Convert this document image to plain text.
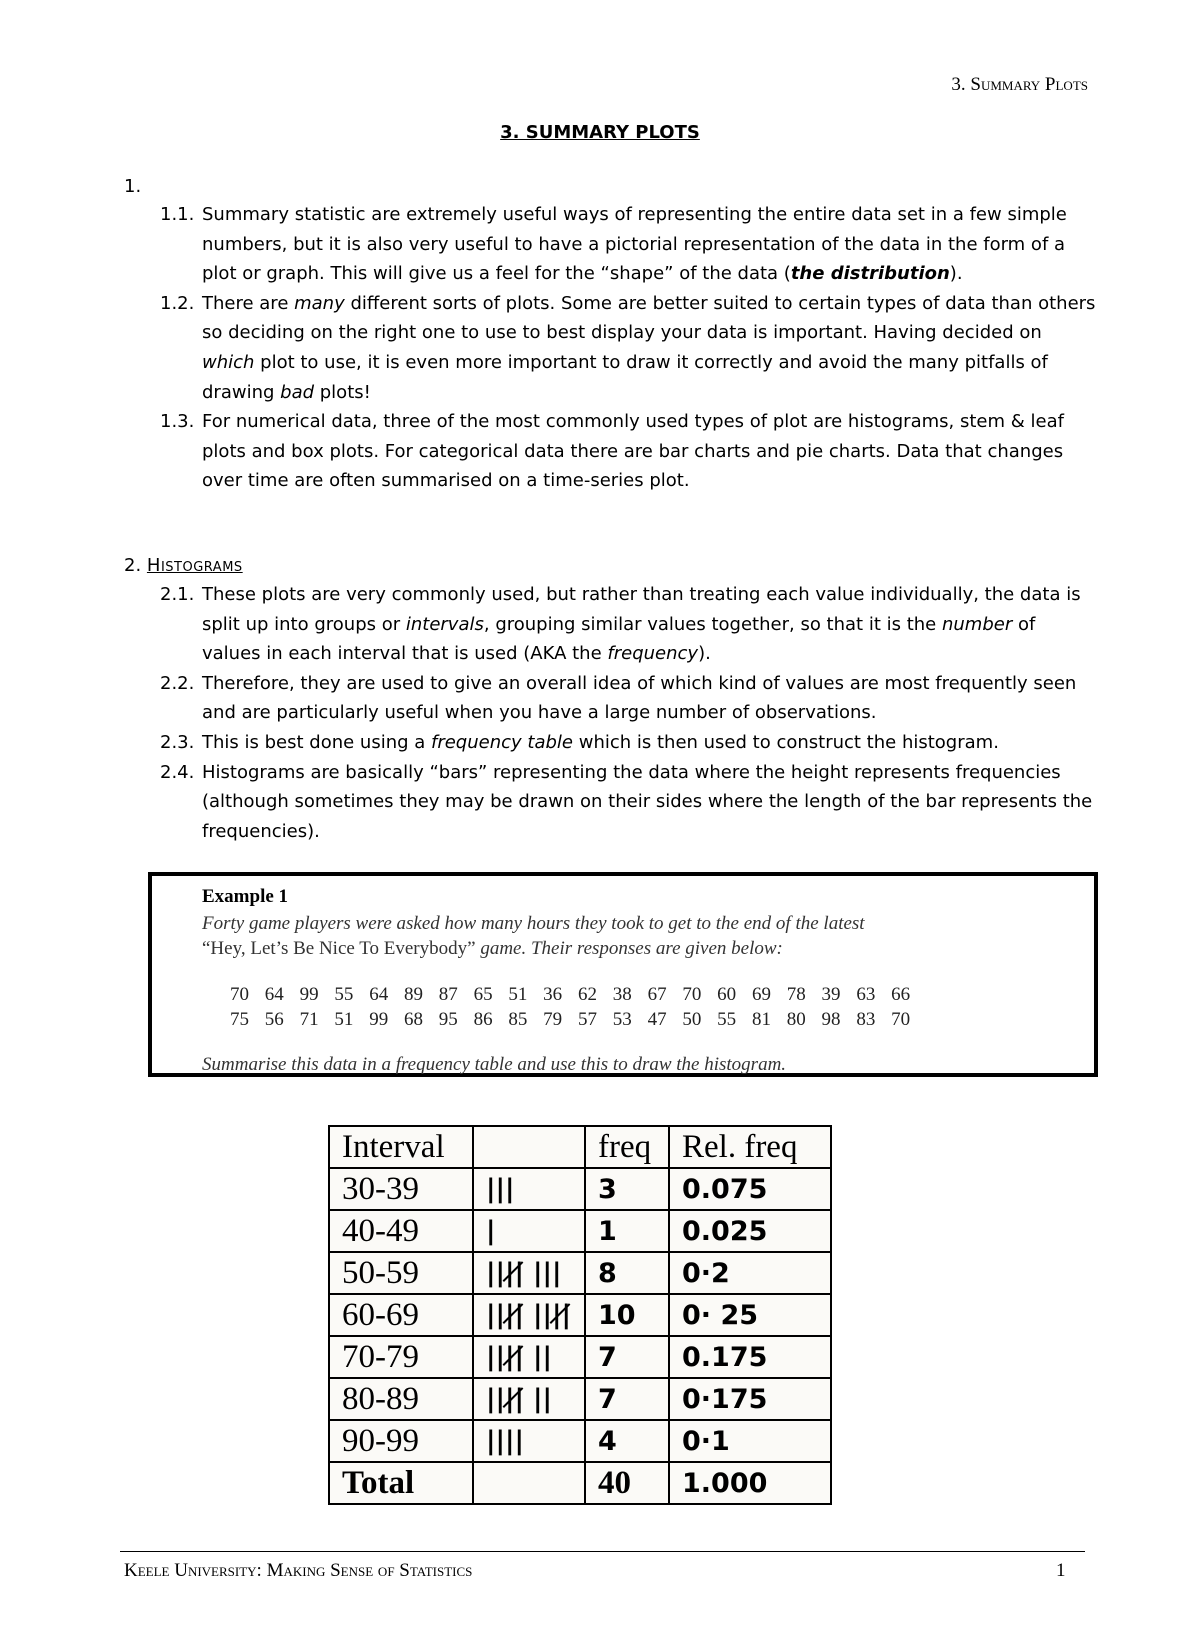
3. Summary Plots
3. SUMMARY PLOTS
1.
1.1. Summary statistic are extremely useful ways of representing the entire data set in a few simple numbers, but it is also very useful to have a pictorial representation of the data in the form of a plot or graph. This will give us a feel for the “shape” of the data (the distribution).
1.2. There are many different sorts of plots. Some are better suited to certain types of data than others so deciding on the right one to use to best display your data is important. Having decided on which plot to use, it is even more important to draw it correctly and avoid the many pitfalls of drawing bad plots!
1.3. For numerical data, three of the most commonly used types of plot are histograms, stem & leaf plots and box plots. For categorical data there are bar charts and pie charts. Data that changes over time are often summarised on a time-series plot.
2. Histograms
2.1. These plots are very commonly used, but rather than treating each value individually, the data is split up into groups or intervals, grouping similar values together, so that it is the number of values in each interval that is used (AKA the frequency).
2.2. Therefore, they are used to give an overall idea of which kind of values are most frequently seen and are particularly useful when you have a large number of observations.
2.3. This is best done using a frequency table which is then used to construct the histogram.
2.4. Histograms are basically “bars” representing the data where the height represents frequencies (although sometimes they may be drawn on their sides where the length of the bar represents the frequencies).
Example 1
Forty game players were asked how many hours they took to get to the end of the latest
“Hey, Let’s Be Nice To Everybody” game. Their responses are given below:
70 64 99 55 64 89 87 65 51 36 62 38 67 70 60 69 78 39 63 66
75 56 71 51 99 68 95 86 85 79 57 53 47 50 55 81 80 98 83 70
Summarise this data in a frequency table and use this to draw the histogram.
Interval		freq	Rel. freq
30-39	|||	3	0.075
40-49	|	1	0.025
50-59	||||̸ |||	8	0·2
60-69	||||̸ ||||̸	10	0· 25
70-79	||||̸ ||	7	0.175
80-89	||||̸ ||	7	0·175
90-99	||||	4	0·1
Total		40	1.000
Keele University: Making Sense of Statistics	1
